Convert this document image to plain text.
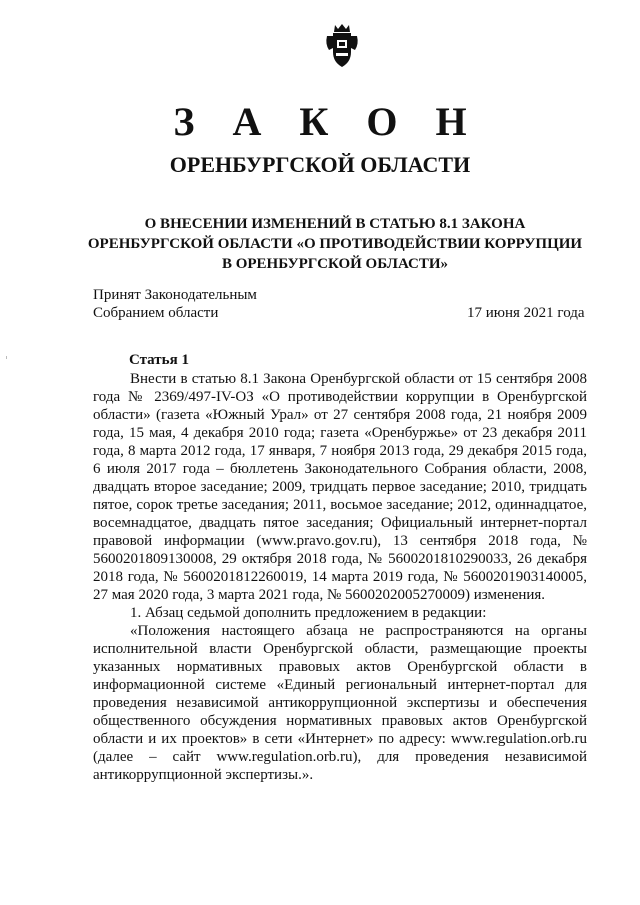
З А К О Н
ОРЕНБУРГСКОЙ ОБЛАСТИ
О ВНЕСЕНИИ ИЗМЕНЕНИЙ В СТАТЬЮ 8.1 ЗАКОНА
ОРЕНБУРГСКОЙ ОБЛАСТИ «О ПРОТИВОДЕЙСТВИИ КОРРУПЦИИ
В ОРЕНБУРГСКОЙ ОБЛАСТИ»
Принят Законодательным
Собранием области	17 июня 2021 года
Статья 1

Внести в статью 8.1 Закона Оренбургской области от 15 сентября 2008 года № 2369/497-IV-ОЗ «О противодействии коррупции в Оренбургской области» (газета «Южный Урал» от 27 сентября 2008 года, 21 ноября 2009 года, 15 мая, 4 декабря 2010 года; газета «Оренбуржье» от 23 декабря 2011 года, 8 марта 2012 года, 17 января, 7 ноября 2013 года, 29 декабря 2015 года, 6 июля 2017 года – бюллетень Законодательного Собрания области, 2008, двадцать второе заседание; 2009, тридцать первое заседание; 2010, тридцать пятое, сорок третье заседания; 2011, восьмое заседание; 2012, одиннадцатое, восемнадцатое, двадцать пятое заседания; Официальный интернет-портал правовой информации (www.pravo.gov.ru), 13 сентября 2018 года, № 5600201809130008, 29 октября 2018 года, № 5600201810290033, 26 декабря 2018 года, № 5600201812260019, 14 марта 2019 года, № 5600201903140005, 27 мая 2020 года, 3 марта 2021 года, № 5600202005270009) изменения.

1. Абзац седьмой дополнить предложением в редакции:

«Положения настоящего абзаца не распространяются на органы исполнительной власти Оренбургской области, размещающие проекты указанных нормативных правовых актов Оренбургской области в информационной системе «Единый региональный интернет-портал для проведения независимой антикоррупционной экспертизы и обеспечения общественного обсуждения нормативных правовых актов Оренбургской области и их проектов» в сети «Интернет» по адресу: www.regulation.orb.ru (далее – сайт www.regulation.orb.ru), для проведения независимой антикоррупционной экспертизы.».
